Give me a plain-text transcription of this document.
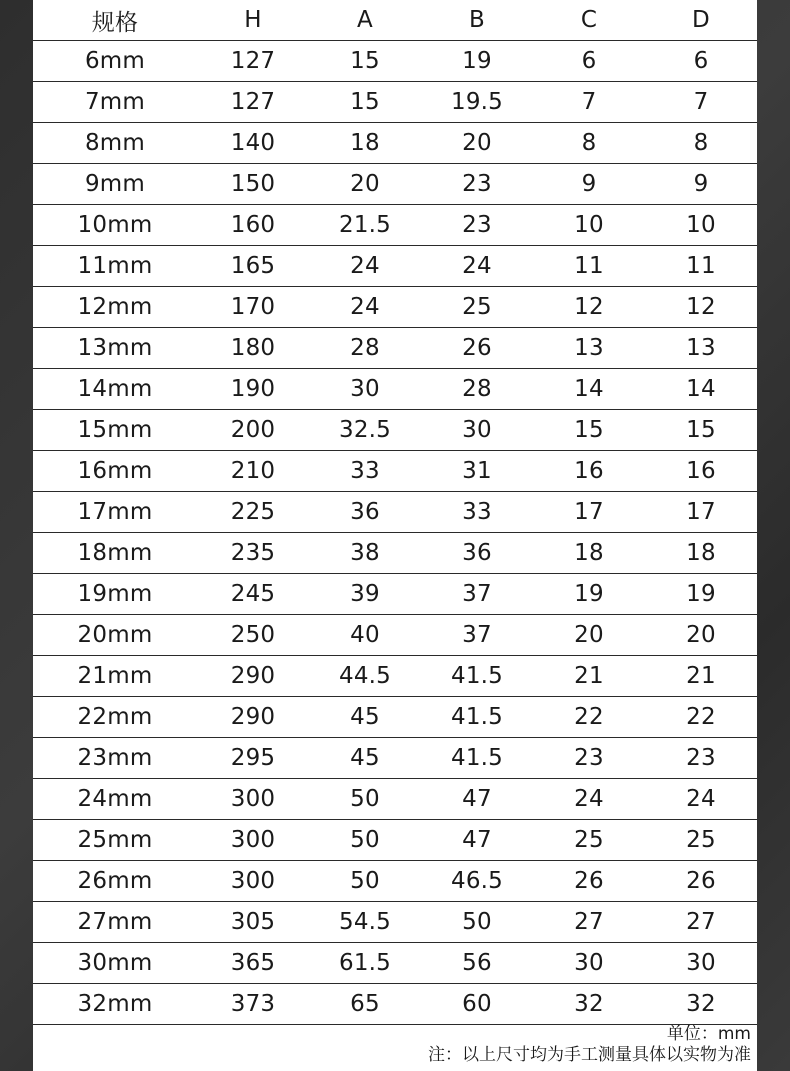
规格	H	A	B	C	D
6mm	127	15	19	6	6
7mm	127	15	19.5	7	7
8mm	140	18	20	8	8
9mm	150	20	23	9	9
10mm	160	21.5	23	10	10
11mm	165	24	24	11	11
12mm	170	24	25	12	12
13mm	180	28	26	13	13
14mm	190	30	28	14	14
15mm	200	32.5	30	15	15
16mm	210	33	31	16	16
17mm	225	36	33	17	17
18mm	235	38	36	18	18
19mm	245	39	37	19	19
20mm	250	40	37	20	20
21mm	290	44.5	41.5	21	21
22mm	290	45	41.5	22	22
23mm	295	45	41.5	23	23
24mm	300	50	47	24	24
25mm	300	50	47	25	25
26mm	300	50	46.5	26	26
27mm	305	54.5	50	27	27
30mm	365	61.5	56	30	30
32mm	373	65	60	32	32
单位：mm
注：以上尺寸均为手工测量具体以实物为准
